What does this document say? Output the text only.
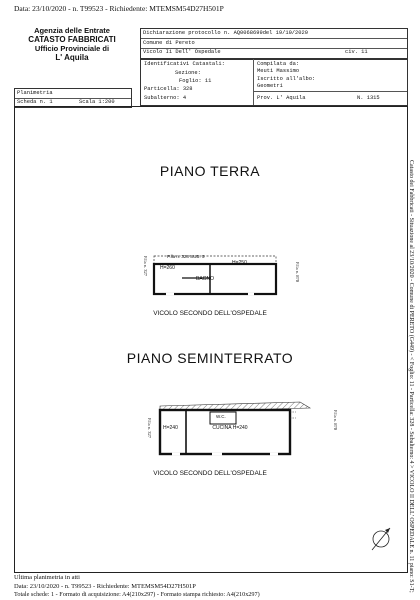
Data: 23/10/2020 - n. T99523 - Richiedente: MTEMSM54D27H501P
Agenzia delle Entrate
CATASTO FABBRICATI
Ufficio Provinciale di
L' Aquila
Dichiarazione protocollo n. AQ0068699del 19/10/2020
Comune di Pereto
Vicolo Ii Dell' Ospedale	civ. 11
Identificativi Catastali:
Sezione:
Foglio: 11
Particella: 328
Subalterno: 4
Compilata da:
Meuti Massimo
Iscritto all'albo:
Geometri
Prov. L' Aquila	N. 1315
Planimetria
Scheda n. 1	Scala 1:200
PIANO TERRA
P.lla n. 328 SUB. 5
H=260
H=250
BAGNO
P.lla n. 327	P.lla n. 870
VICOLO SECONDO DELL'OSPEDALE
PIANO SEMINTERRATO
H=240	CUCINA H=240
W.C.
P.lla n. 327	P.lla n. 870
VICOLO SECONDO DELL'OSPEDALE	Catasto dei Fabbricati - Situazione al 23/10/2020 - Comune di PERETO (G449) - < Foglio: 11 - Particella: 328 - Subalterno: 4 > VICOLO II DELL' OSPEDALE n. 11 piano: S1-T;
Ultima planimetria in atti
Data: 23/10/2020 - n. T99523 - Richiedente: MTEMSM54D27H501P
Totale schede: 1 - Formato di acquisizione: A4(210x297) - Formato stampa richiesto: A4(210x297)
